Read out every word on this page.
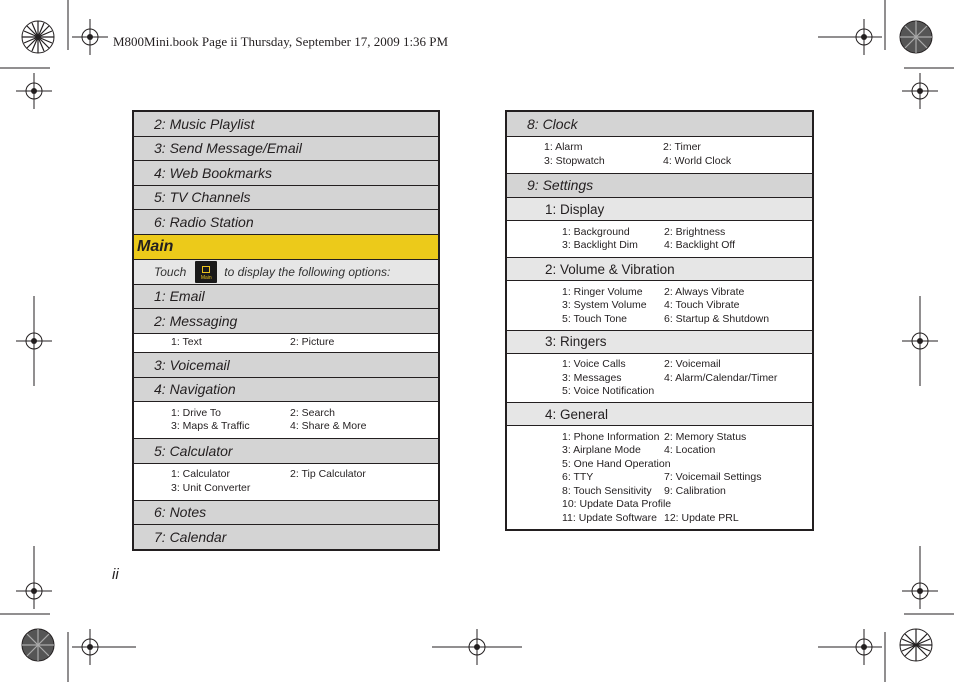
M800Mini.book Page ii Thursday, September 17, 2009 1:36 PM
ii
2: Music Playlist
3: Send Message/Email
4: Web Bookmarks
5: TV Channels
6: Radio Station
Main
Touch	Main	to display the following options:
1: Email
2: Messaging
1: Text	2: Picture
3: Voicemail
4: Navigation
1: Drive To	2: Search
3: Maps & Traffic	4: Share & More
5: Calculator
1: Calculator	2: Tip Calculator
3: Unit Converter
6: Notes
7: Calendar
8: Clock
1: Alarm	2: Timer
3: Stopwatch	4: World Clock
9: Settings
1: Display
1: Background	2: Brightness
3: Backlight Dim	4: Backlight Off
2: Volume & Vibration
1: Ringer Volume	2: Always Vibrate
3: System Volume	4: Touch Vibrate
5: Touch Tone	6: Startup & Shutdown
3: Ringers
1: Voice Calls	2: Voicemail
3: Messages	4: Alarm/Calendar/Timer
5: Voice Notification
4: General
1: Phone Information 2: Memory Status
3: Airplane Mode	4: Location
5: One Hand Operation
6: TTY	7: Voicemail Settings
8: Touch Sensitivity	9: Calibration
10: Update Data Profile
11: Update Software 12: Update PRL
